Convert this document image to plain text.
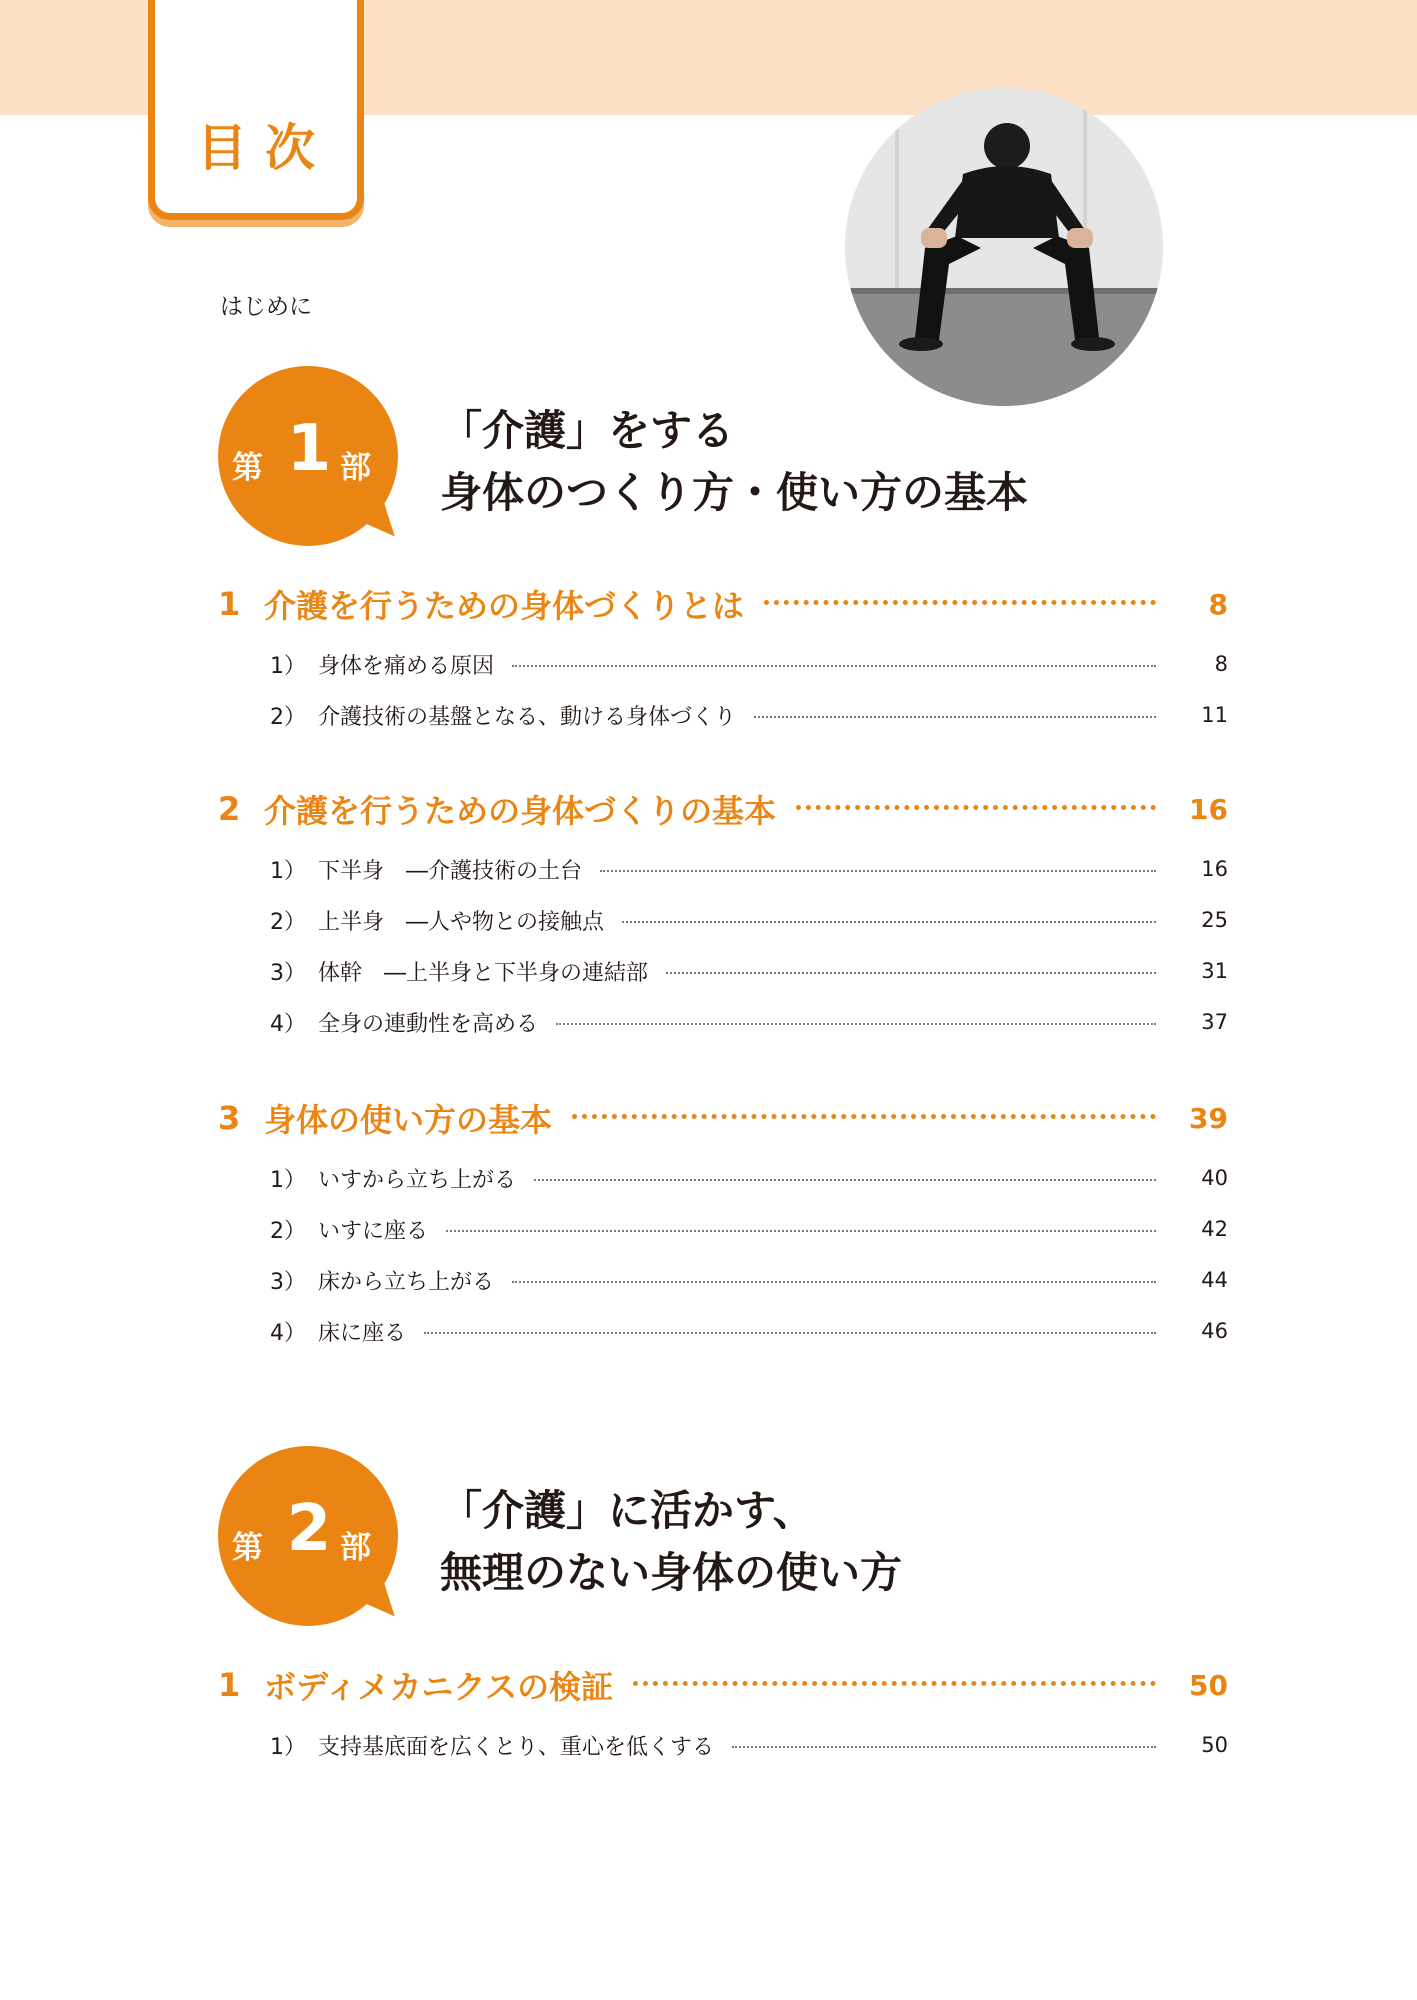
目次
はじめに
第 1 部
「介護」をする
身体のつくり方・使い方の基本
1 介護を行うための身体づくりとは	8
1） 身体を痛める原因	8
2） 介護技術の基盤となる、動ける身体づくり	11
2 介護を行うための身体づくりの基本	16
1） 下半身　―介護技術の土台	16
2） 上半身　―人や物との接触点	25
3） 体幹　―上半身と下半身の連結部	31
4） 全身の連動性を高める	37
3 身体の使い方の基本	39
1） いすから立ち上がる	40
2） いすに座る	42
3） 床から立ち上がる	44
4） 床に座る	46
第 2 部
「介護」に活かす、
無理のない身体の使い方
1 ボディメカニクスの検証	50
1） 支持基底面を広くとり、重心を低くする	50
